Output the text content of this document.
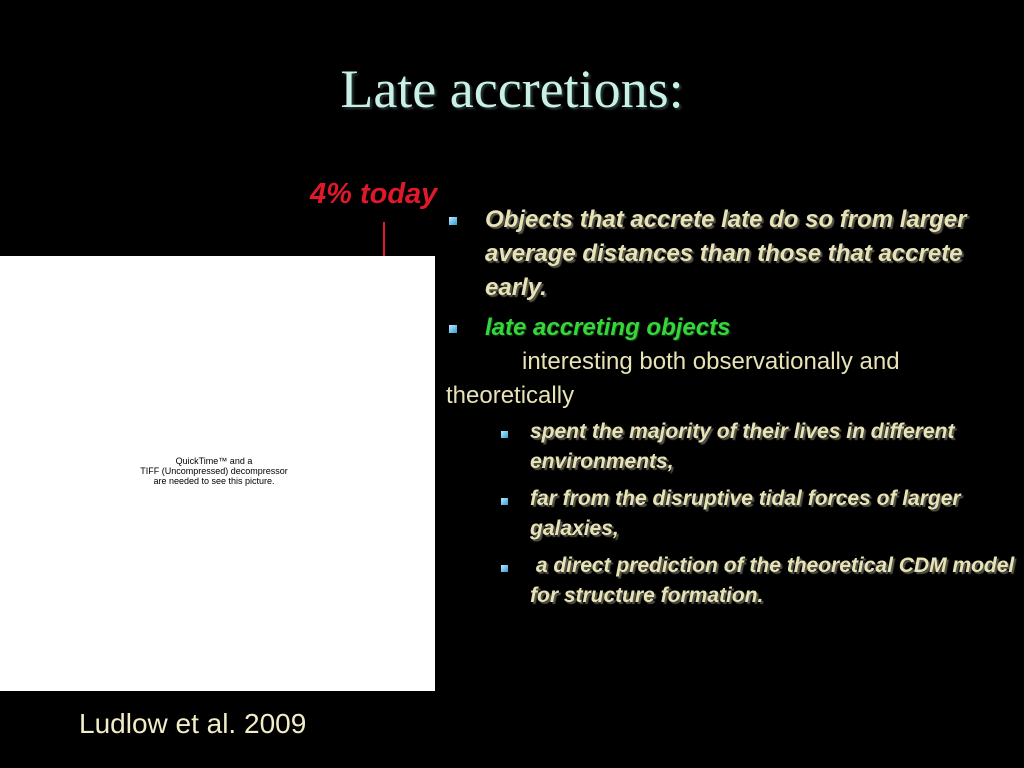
Late accretions:
4% today
QuickTime™ and a
TIFF (Uncompressed) decompressor
are needed to see this picture.
Ludlow et al. 2009
Objects that accrete late do so from larger average distances than those that accrete early.
late accreting objects
interesting both observationally and
theoretically
spent the majority of their lives in different environments,
far from the disruptive tidal forces of larger galaxies,
a direct prediction of the theoretical CDM model for structure formation.
